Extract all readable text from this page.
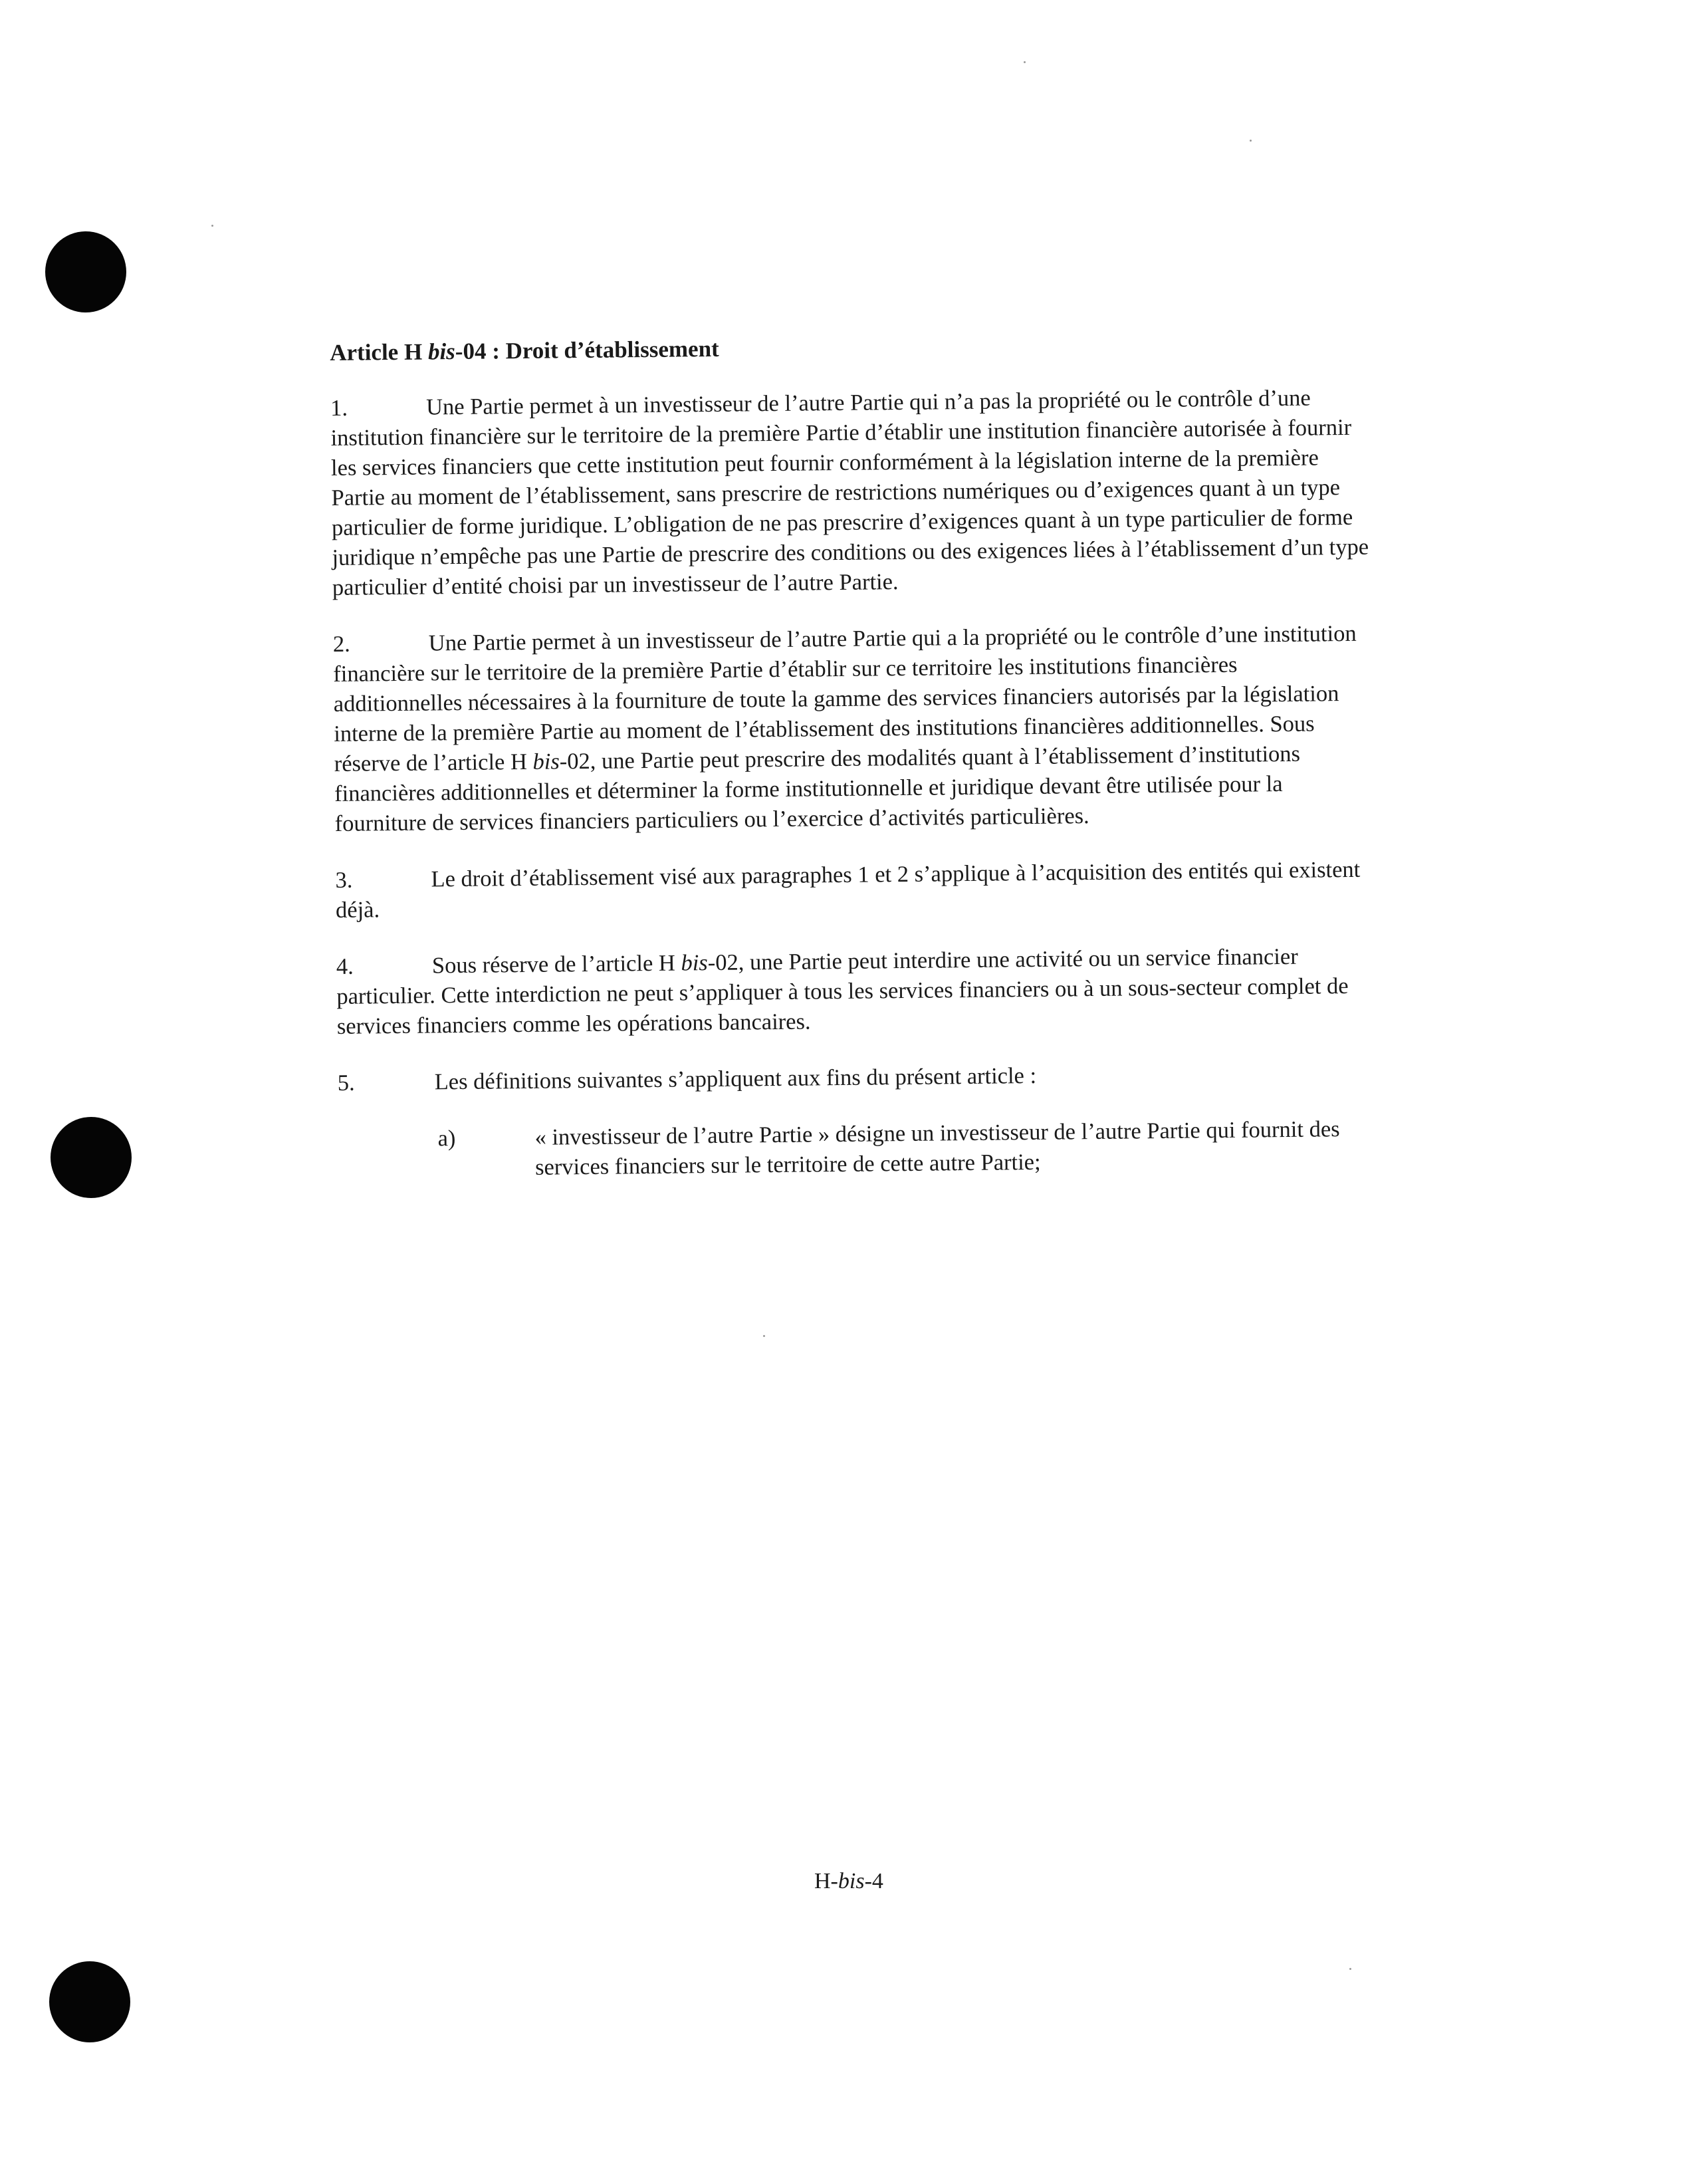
Article H bis-04 : Droit d’établissement

1.	Une Partie permet à un investisseur de l’autre Partie qui n’a pas la propriété ou le contrôle d’une institution financière sur le territoire de la première Partie d’établir une institution financière autorisée à fournir les services financiers que cette institution peut fournir conformément à la législation interne de la première Partie au moment de l’établissement, sans prescrire de restrictions numériques ou d’exigences quant à un type particulier de forme juridique. L’obligation de ne pas prescrire d’exigences quant à un type particulier de forme juridique n’empêche pas une Partie de prescrire des conditions ou des exigences liées à l’établissement d’un type particulier d’entité choisi par un investisseur de l’autre Partie.

2.	Une Partie permet à un investisseur de l’autre Partie qui a la propriété ou le contrôle d’une institution financière sur le territoire de la première Partie d’établir sur ce territoire les institutions financières additionnelles nécessaires à la fourniture de toute la gamme des services financiers autorisés par la législation interne de la première Partie au moment de l’établissement des institutions financières additionnelles. Sous réserve de l’article H bis-02, une Partie peut prescrire des modalités quant à l’établissement d’institutions financières additionnelles et déterminer la forme institutionnelle et juridique devant être utilisée pour la fourniture de services financiers particuliers ou l’exercice d’activités particulières.

3.	Le droit d’établissement visé aux paragraphes 1 et 2 s’applique à l’acquisition des entités qui existent déjà.

4.	Sous réserve de l’article H bis-02, une Partie peut interdire une activité ou un service financier particulier. Cette interdiction ne peut s’appliquer à tous les services financiers ou à un sous-secteur complet de services financiers comme les opérations bancaires.

5.	Les définitions suivantes s’appliquent aux fins du présent article :

a)	« investisseur de l’autre Partie » désigne un investisseur de l’autre Partie qui fournit des services financiers sur le territoire de cette autre Partie;

H-bis-4
